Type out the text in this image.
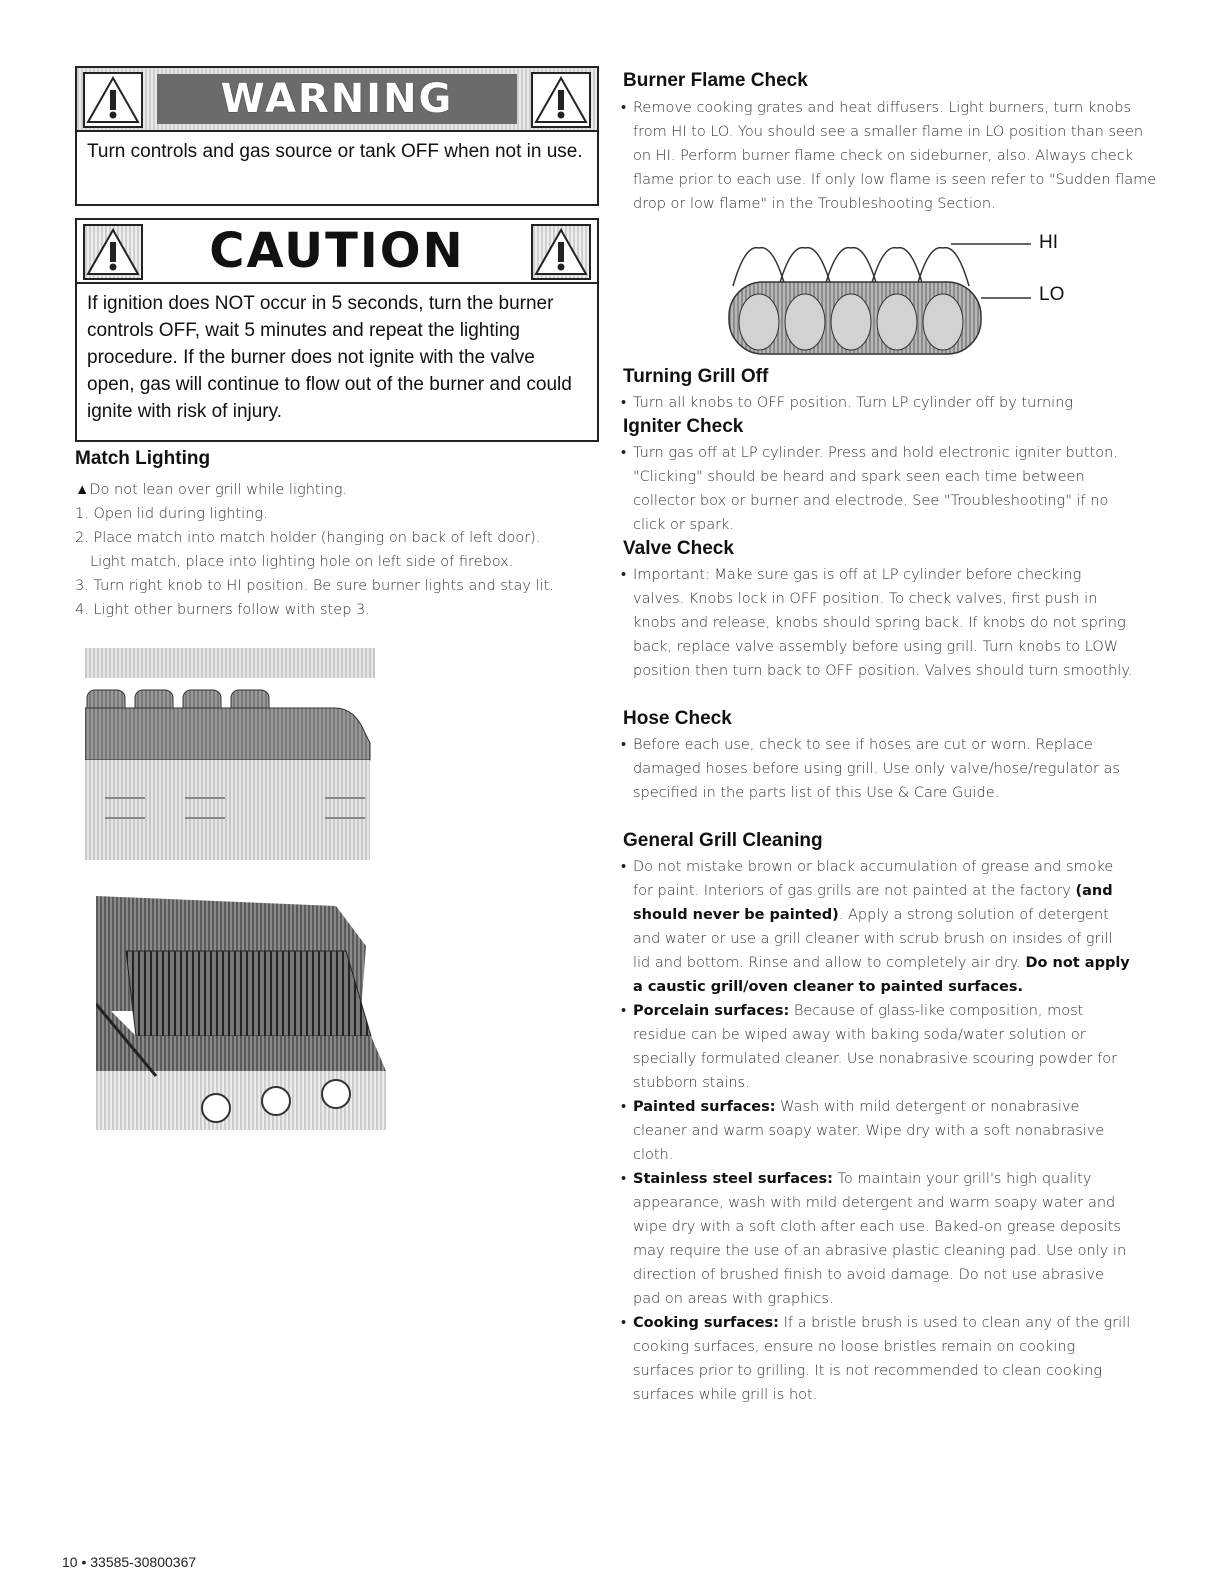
WARNING
Turn controls and gas source or tank OFF when not in use.
CAUTION
If ignition does NOT occur in 5 seconds, turn the burner controls OFF, wait 5 minutes and repeat the lighting procedure. If the burner does not ignite with the valve open, gas will continue to flow out of the burner and could ignite with risk of injury.
Match Lighting
▲Do not lean over grill while lighting.
1. Open lid during lighting.
2. Place match into match holder (hanging on back of left door).
Light match, place into lighting hole on left side of firebox.
3. Turn right knob to HI position. Be sure burner lights and stay lit.
4. Light other burners follow with step 3.
Burner Flame Check
• Remove cooking grates and heat diffusers. Light burners, turn knobs from HI to LO. You should see a smaller flame in LO position than seen on HI. Perform burner flame check on sideburner, also. Always check flame prior to each use. If only low flame is seen refer to "Sudden flame drop or low flame" in the Troubleshooting Section.
HI
LO
Turning Grill Off
• Turn all knobs to OFF position. Turn LP cylinder off by turning
Igniter Check
• Turn gas off at LP cylinder. Press and hold electronic igniter button. "Clicking" should be heard and spark seen each time between collector box or burner and electrode. See "Troubleshooting" if no click or spark.
Valve Check
• Important: Make sure gas is off at LP cylinder before checking valves. Knobs lock in OFF position. To check valves, first push in knobs and release, knobs should spring back. If knobs do not spring back, replace valve assembly before using grill. Turn knobs to LOW position then turn back to OFF position. Valves should turn smoothly.
Hose Check
• Before each use, check to see if hoses are cut or worn. Replace damaged hoses before using grill. Use only valve/hose/regulator as specified in the parts list of this Use & Care Guide.
General Grill Cleaning
• Do not mistake brown or black accumulation of grease and smoke for paint. Interiors of gas grills are not painted at the factory (and should never be painted). Apply a strong solution of detergent and water or use a grill cleaner with scrub brush on insides of grill lid and bottom. Rinse and allow to completely air dry. Do not apply a caustic grill/oven cleaner to painted surfaces.
• Porcelain surfaces: Because of glass-like composition, most residue can be wiped away with baking soda/water solution or specially formulated cleaner. Use nonabrasive scouring powder for stubborn stains.
• Painted surfaces: Wash with mild detergent or nonabrasive cleaner and warm soapy water. Wipe dry with a soft nonabrasive cloth.
• Stainless steel surfaces: To maintain your grill's high quality appearance, wash with mild detergent and warm soapy water and wipe dry with a soft cloth after each use. Baked-on grease deposits may require the use of an abrasive plastic cleaning pad. Use only in direction of brushed finish to avoid damage. Do not use abrasive pad on areas with graphics.
• Cooking surfaces: If a bristle brush is used to clean any of the grill cooking surfaces, ensure no loose bristles remain on cooking surfaces prior to grilling. It is not recommended to clean cooking surfaces while grill is hot.
10 • 33585-30800367
